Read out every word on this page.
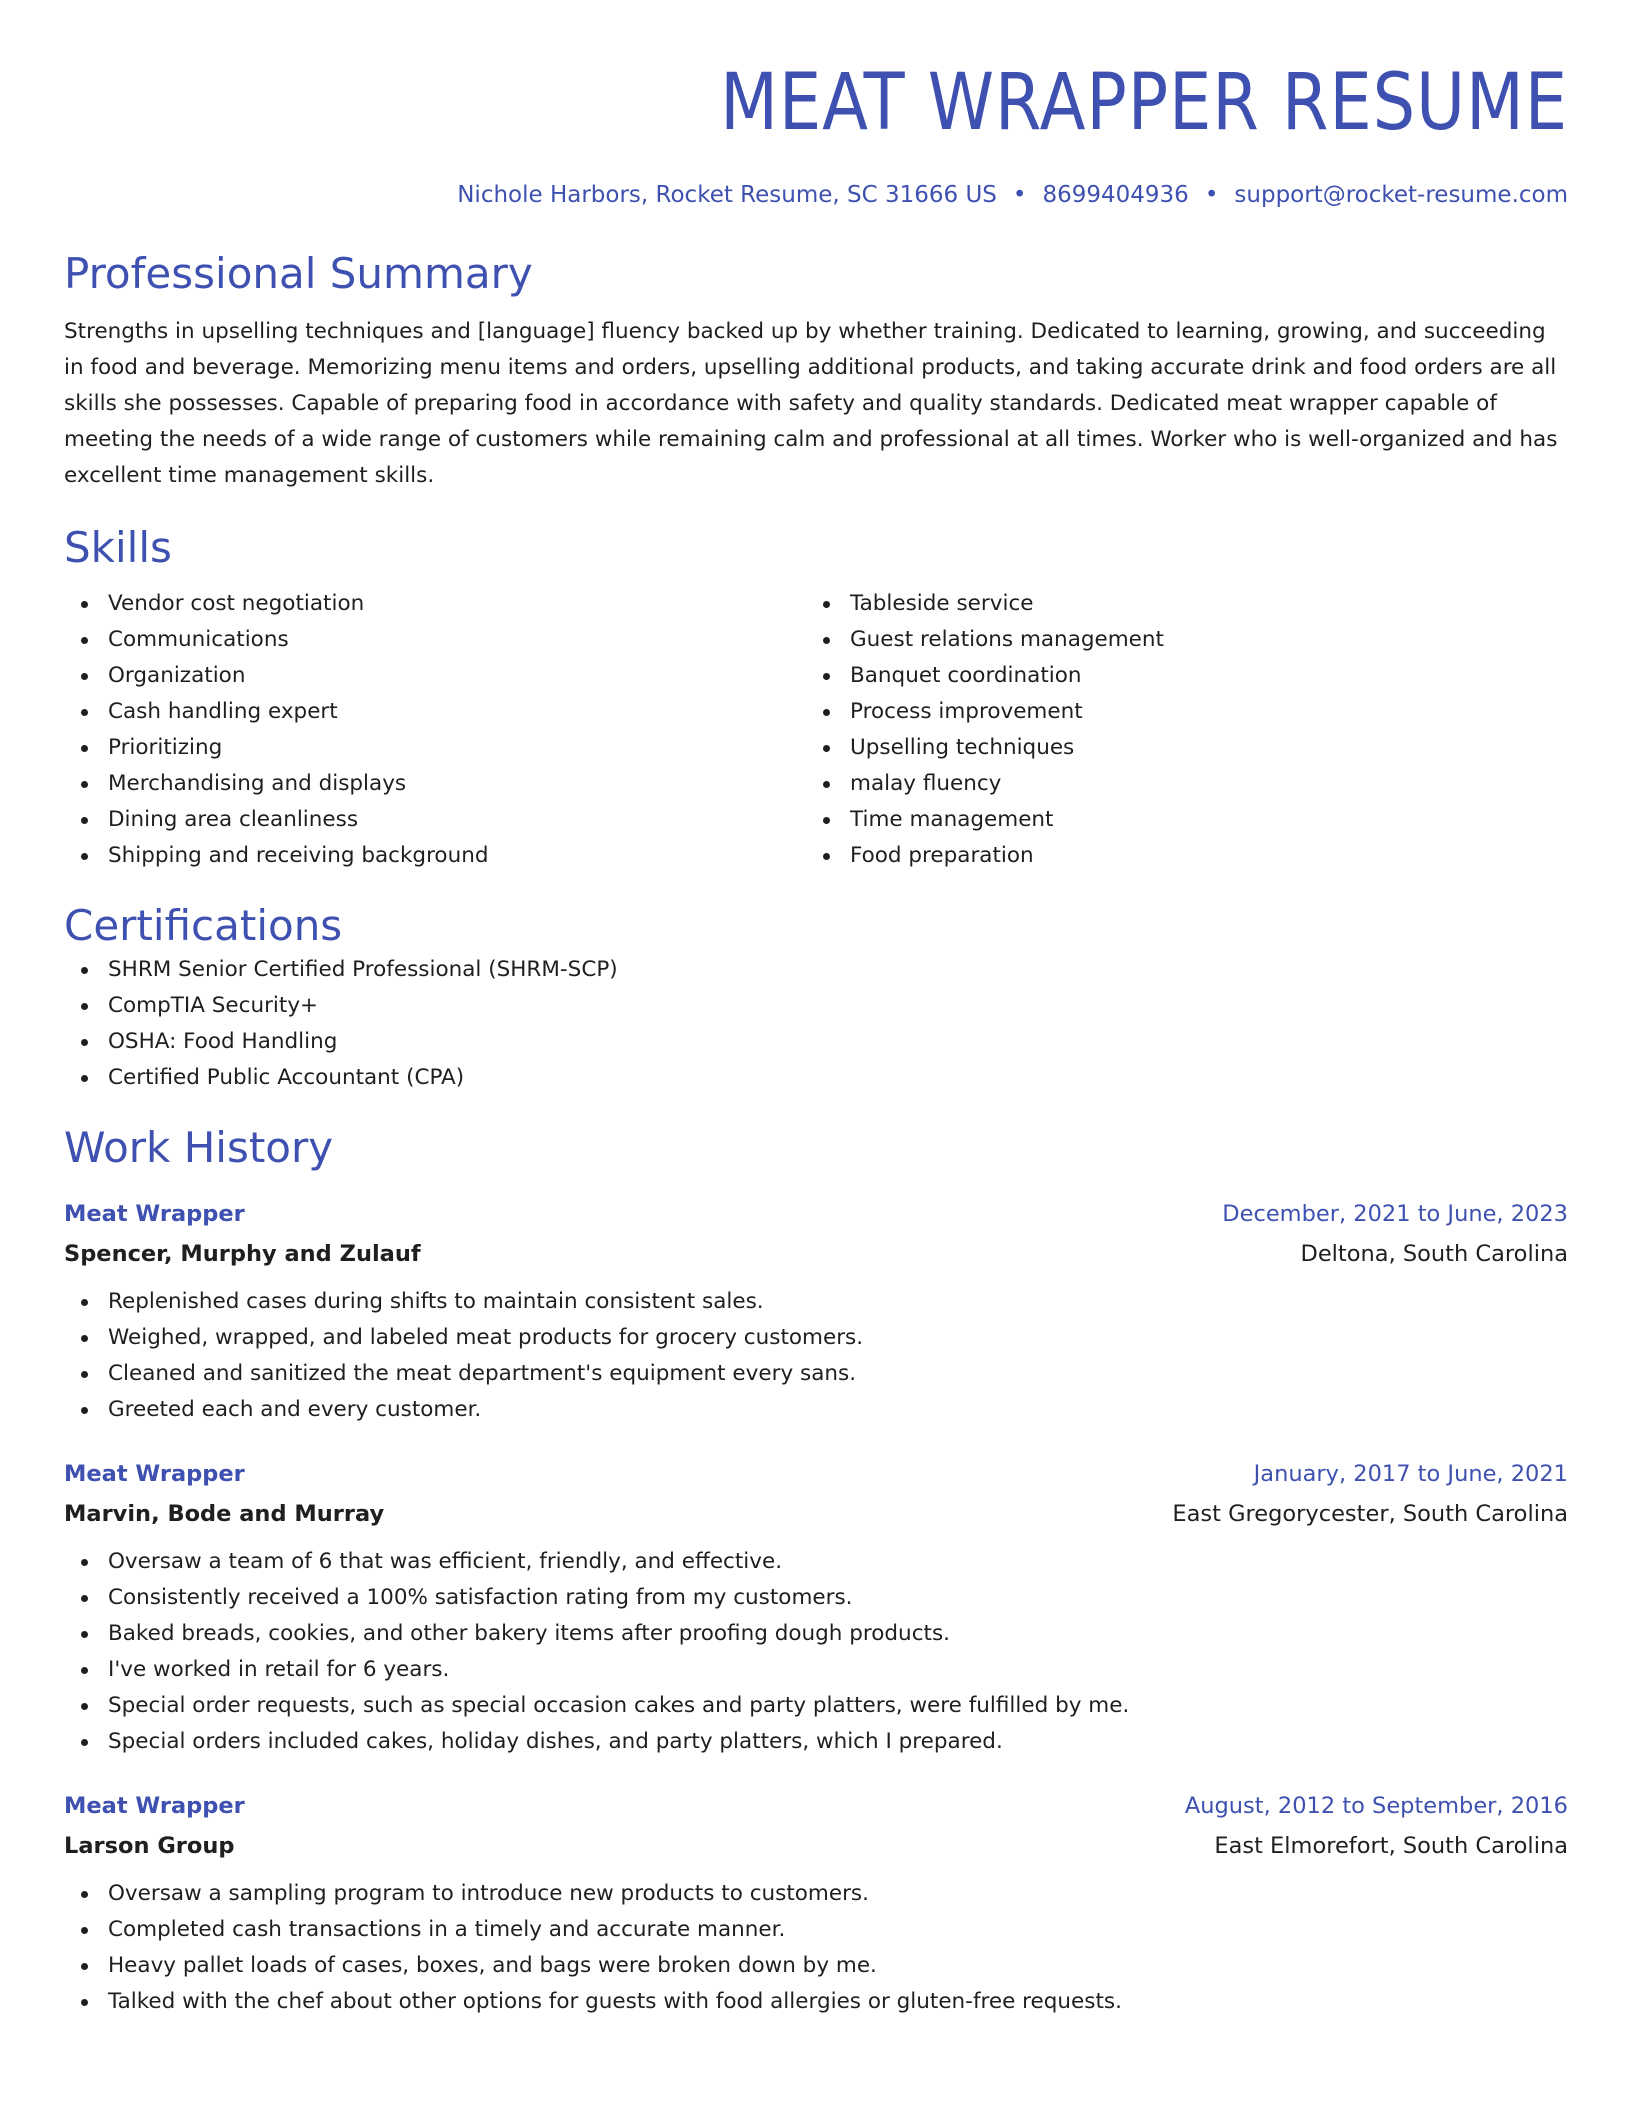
MEAT WRAPPER RESUME
Nichole Harbors, Rocket Resume, SC 31666 US • 8699404936 • support@rocket-resume.com
Professional Summary
Strengths in upselling techniques and [language] fluency backed up by whether training. Dedicated to learning, growing, and succeeding in food and beverage. Memorizing menu items and orders, upselling additional products, and taking accurate drink and food orders are all skills she possesses. Capable of preparing food in accordance with safety and quality standards. Dedicated meat wrapper capable of meeting the needs of a wide range of customers while remaining calm and professional at all times. Worker who is well-organized and has excellent time management skills.
Skills
Vendor cost negotiation
Communications
Organization
Cash handling expert
Prioritizing
Merchandising and displays
Dining area cleanliness
Shipping and receiving background
Tableside service
Guest relations management
Banquet coordination
Process improvement
Upselling techniques
malay fluency
Time management
Food preparation
Certifications
SHRM Senior Certified Professional (SHRM-SCP)
CompTIA Security+
OSHA: Food Handling
Certified Public Accountant (CPA)
Work History
Meat Wrapper	December, 2021 to June, 2023
Spencer, Murphy and Zulauf	Deltona, South Carolina
Replenished cases during shifts to maintain consistent sales.
Weighed, wrapped, and labeled meat products for grocery customers.
Cleaned and sanitized the meat department's equipment every sans.
Greeted each and every customer.
Meat Wrapper	January, 2017 to June, 2021
Marvin, Bode and Murray	East Gregorycester, South Carolina
Oversaw a team of 6 that was efficient, friendly, and effective.
Consistently received a 100% satisfaction rating from my customers.
Baked breads, cookies, and other bakery items after proofing dough products.
I've worked in retail for 6 years.
Special order requests, such as special occasion cakes and party platters, were fulfilled by me.
Special orders included cakes, holiday dishes, and party platters, which I prepared.
Meat Wrapper	August, 2012 to September, 2016
Larson Group	East Elmorefort, South Carolina
Oversaw a sampling program to introduce new products to customers.
Completed cash transactions in a timely and accurate manner.
Heavy pallet loads of cases, boxes, and bags were broken down by me.
Talked with the chef about other options for guests with food allergies or gluten-free requests.
